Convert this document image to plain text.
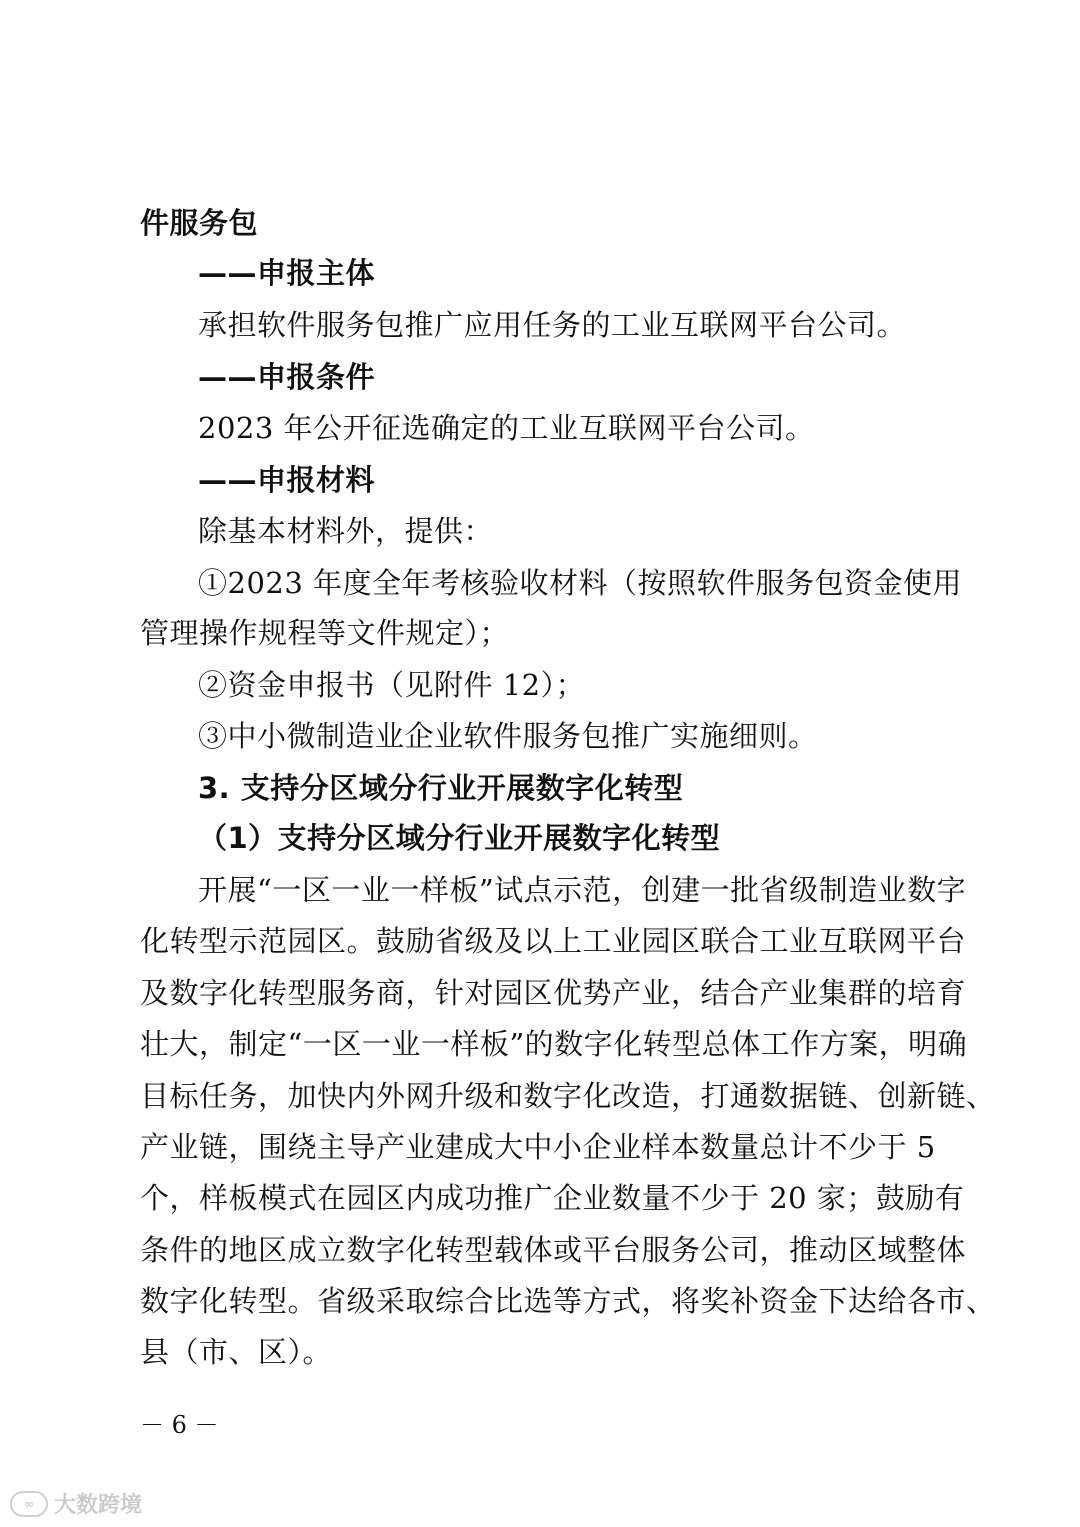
件服务包
——申报主体
承担软件服务包推广应用任务的工业互联网平台公司。
——申报条件
2023 年公开征选确定的工业互联网平台公司。
——申报材料
除基本材料外，提供：
①2023 年度全年考核验收材料（按照软件服务包资金使用
管理操作规程等文件规定）；
②资金申报书（见附件 12）；
③中小微制造业企业软件服务包推广实施细则。
3. 支持分区域分行业开展数字化转型
（1）支持分区域分行业开展数字化转型
开展“一区一业一样板”试点示范，创建一批省级制造业数字
化转型示范园区。鼓励省级及以上工业园区联合工业互联网平台
及数字化转型服务商，针对园区优势产业，结合产业集群的培育
壮大，制定“一区一业一样板”的数字化转型总体工作方案，明确
目标任务，加快内外网升级和数字化改造，打通数据链、创新链、
产业链，围绕主导产业建成大中小企业样本数量总计不少于 5
个，样板模式在园区内成功推广企业数量不少于 20 家；鼓励有
条件的地区成立数字化转型载体或平台服务公司，推动区域整体
数字化转型。省级采取综合比选等方式，将奖补资金下达给各市、
县（市、区）。
－ 6 －
∞ 大数跨境
